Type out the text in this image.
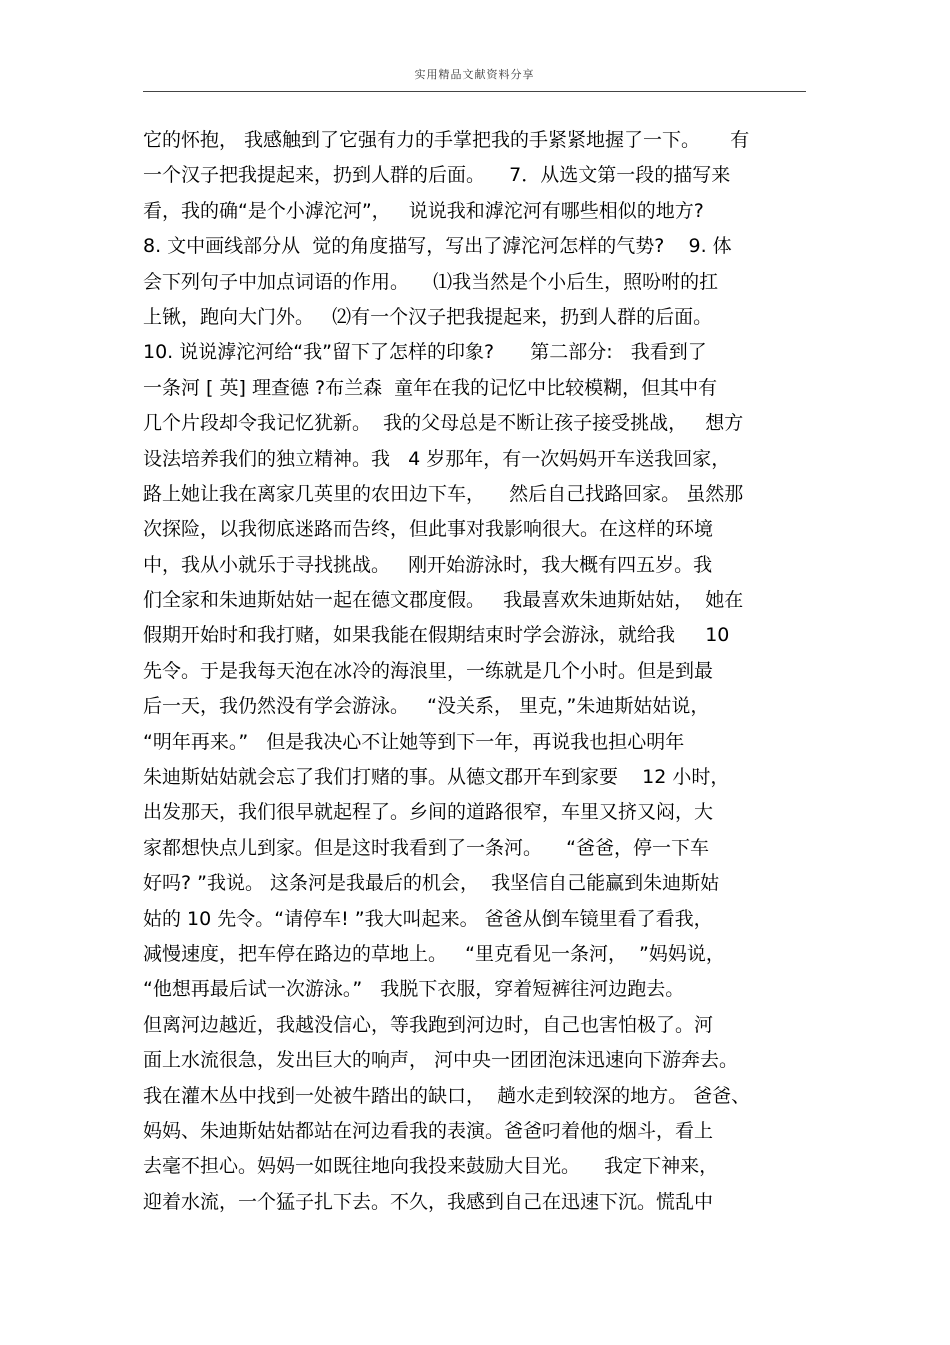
实用精品文献资料分享
它的怀抱， 我感触到了它强有力的手掌把我的手紧紧地握了一下。     有
一个汉子把我提起来，扔到人群的后面。    7．从选文第一段的描写来
看，我的确“是个小滹沱河”，   说说我和滹沱河有哪些相似的地方?
8. 文中画线部分从  觉的角度描写，写出了滹沱河怎样的气势?    9. 体
会下列句子中加点词语的作用。    ⑴我当然是个小后生，照吩咐的扛
上锹，跑向大门外。   ⑵有一个汉子把我提起来，扔到人群的后面。
10. 说说滹沱河给“我”留下了怎样的印象?      第二部分:   我看到了
一条河 [ 英] 理查德 ?布兰森  童年在我的记忆中比较模糊，但其中有
几个片段却令我记忆犹新。  我的父母总是不断让孩子接受挑战，   想方
设法培养我们的独立精神。我   4 岁那年，有一次妈妈开车送我回家，
路上她让我在离家几英里的农田边下车，    然后自己找路回家。 虽然那
次探险，以我彻底迷路而告终，但此事对我影响很大。在这样的环境
中，我从小就乐于寻找挑战。   刚开始游泳时，我大概有四五岁。我
们全家和朱迪斯姑姑一起在德文郡度假。   我最喜欢朱迪斯姑姑，  她在
假期开始时和我打赌，如果我能在假期结束时学会游泳，就给我     10
先令。于是我每天泡在冰冷的海浪里，一练就是几个小时。但是到最
后一天，我仍然没有学会游泳。   “没关系， 里克，”朱迪斯姑姑说，
“明年再来。”   但是我决心不让她等到下一年，再说我也担心明年
朱迪斯姑姑就会忘了我们打赌的事。从德文郡开车到家要    12 小时，
出发那天，我们很早就起程了。乡间的道路很窄，车里又挤又闷，大
家都想快点儿到家。但是这时我看到了一条河。    “爸爸，停一下车
好吗? ”我说。 这条河是我最后的机会，  我坚信自己能赢到朱迪斯姑
姑的 10 先令。“请停车! ”我大叫起来。 爸爸从倒车镜里看了看我，
减慢速度，把车停在路边的草地上。   “里克看见一条河，  ”妈妈说，
“他想再最后试一次游泳。”   我脱下衣服，穿着短裤往河边跑去。
但离河边越近，我越没信心，等我跑到河边时，自己也害怕极了。河
面上水流很急，发出巨大的响声， 河中央一团团泡沫迅速向下游奔去。
我在灌木丛中找到一处被牛踏出的缺口，  趟水走到较深的地方。 爸爸、
妈妈、朱迪斯姑姑都站在河边看我的表演。爸爸叼着他的烟斗，看上
去毫不担心。妈妈一如既往地向我投来鼓励大目光。    我定下神来，
迎着水流，一个猛子扎下去。不久，我感到自己在迅速下沉。慌乱中
